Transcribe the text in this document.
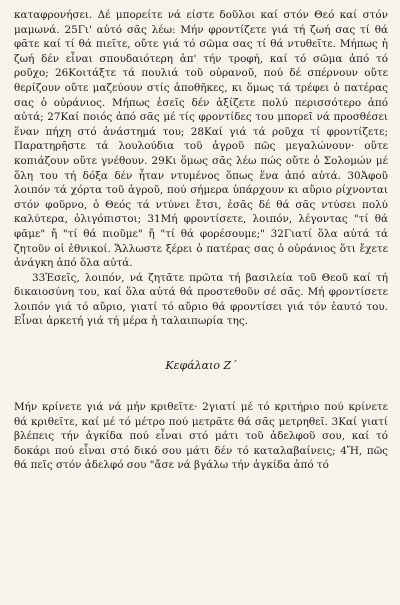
καταφρονήσει. Δέ μπορείτε νά είστε δοῦλοι καί στόν Θεό καί στόν μαμωνά. 25Γι' αὐτό σᾶς λέω: Μήν φροντίζετε γιά τή ζωή σας τί θά φᾶτε καί τί θά πιεῖτε, οὔτε γιά τό σῶμα σας τί θά ντυθεῖτε. Μήπως ἡ ζωή δέν εἶναι σπουδαιότερη ἀπ' τήν τροφή, καί τό σῶμα ἀπό τό ροῦχο; 26Κοιτάξτε τά πουλιά τοῦ οὐρανοῦ, πού δέ σπέρνουν οὔτε θερίζουν οὔτε μαζεύουν στίς ἀποθῆκες, κι ὅμως τά τρέφει ὁ πατέρας σας ὁ οὐράνιος. Μήπως ἐσεῖς δέν ἀξίζετε πολύ περισσότερο ἀπό αὐτά; 27Καί ποιός ἀπό σᾶς μέ τίς φροντίδες του μπορεῖ νά προσθέσει ἕναν πήχη στό ἀνάστημά του; 28Καί γιά τά ροῦχα τί φροντίζετε; Παρατηρῆστε τά λουλούδια τοῦ ἀγροῦ πῶς μεγαλώνουν· οὔτε κοπιάζουν οὔτε γνέθουν. 29Κι ὅμως σᾶς λέω πώς οὔτε ὁ Σολομών μέ ὅλη του τή δόξα δέν ἦταν ντυμένος ὅπως ἕνα ἀπό αὐτά. 30Ἀφοῦ λοιπόν τά χόρτα τοῦ ἀγροῦ, πού σήμερα ὑπάρχουν κι αὔριο ρίχνονται στόν φοῦρνο, ὁ Θεός τά ντύνει ἔτσι, ἐσᾶς δέ θά σᾶς ντύσει πολύ καλύτερα, ὀλιγόπιστοι; 31Μή φροντίσετε, λοιπόν, λέγοντας "τί θά φᾶμε" ἤ "τί θά πιοῦμε" ἤ "τί θά φορέσουμε;" 32Γιατί ὅλα αὐτά τά ζητοῦν οἱ ἐθνικοί. Ἄλλωστε ξέρει ὁ πατέρας σας ὁ οὐράνιος ὅτι ἔχετε ἀνάγκη ἀπό ὅλα αὐτά.

33Ἐσεῖς, λοιπόν, νά ζητᾶτε πρῶτα τή βασιλεία τοῦ Θεοῦ καί τή δικαιοσύνη του, καί ὅλα αὐτά θά προστεθοῦν σέ σᾶς. Μή φροντίσετε λοιπόν γιά τό αὔριο, γιατί τό αὔριο θά φροντίσει γιά τόν ἑαυτό του. Εἶναι ἀρκετή γιά τή μέρα ἡ ταλαιπωρία της.

Κεφάλαιο Ζ΄

Μήν κρίνετε γιά νά μήν κριθεῖτε· 2γιατί μέ τό κριτήριο πού κρίνετε θά κριθεῖτε, καί μέ τό μέτρο πού μετρᾶτε θά σᾶς μετρηθεῖ. 3Καί γιατί βλέπεις τήν ἀγκίδα πού εἶναι στό μάτι τοῦ ἀδελφοῦ σου, καί τό δοκάρι πού εἶναι στό δικό σου μάτι δέν τό καταλαβαίνεις; 4Ἤ, πῶς θά πεῖς στόν ἀδελφό σου "ἄσε νά βγάλω τήν ἀγκίδα ἀπό τό
